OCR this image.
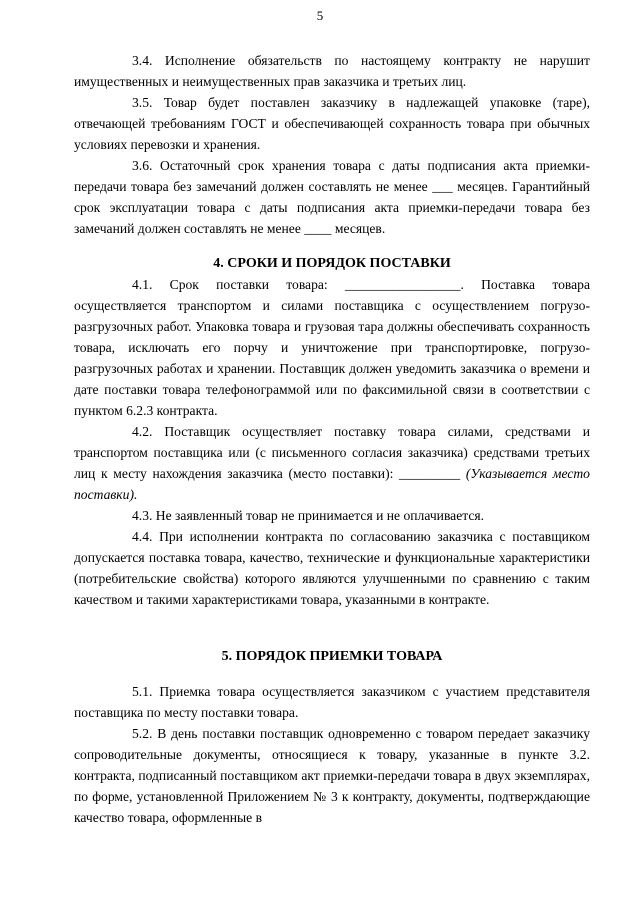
5

3.4. Исполнение обязательств по настоящему контракту не нарушит имущественных и неимущественных прав заказчика и третьих лиц.

3.5. Товар будет поставлен заказчику в надлежащей упаковке (таре), отвечающей требованиям ГОСТ и обеспечивающей сохранность товара при обычных условиях перевозки и хранения.

3.6. Остаточный срок хранения товара с даты подписания акта приемки-передачи товара без замечаний должен составлять не менее ___ месяцев. Гарантийный срок эксплуатации товара с даты подписания акта приемки-передачи товара без замечаний должен составлять не менее ____ месяцев.

4. СРОКИ И ПОРЯДОК ПОСТАВКИ

4.1. Срок поставки товара: _________________. Поставка товара осуществляется транспортом и силами поставщика с осуществлением погрузо-разгрузочных работ. Упаковка товара и грузовая тара должны обеспечивать сохранность товара, исключать его порчу и уничтожение при транспортировке, погрузо-разгрузочных работах и хранении. Поставщик должен уведомить заказчика о времени и дате поставки товара телефонограммой или по факсимильной связи в соответствии с пунктом 6.2.3 контракта.

4.2. Поставщик осуществляет поставку товара силами, средствами и транспортом поставщика или (с письменного согласия заказчика) средствами третьих лиц к месту нахождения заказчика (место поставки): _________ (Указывается место поставки).

4.3. Не заявленный товар не принимается и не оплачивается.

4.4. При исполнении контракта по согласованию заказчика с поставщиком допускается поставка товара, качество, технические и функциональные характеристики (потребительские свойства) которого являются улучшенными по сравнению с таким качеством и такими характеристиками товара, указанными в контракте.

5. ПОРЯДОК ПРИЕМКИ ТОВАРА

5.1. Приемка товара осуществляется заказчиком с участием представителя поставщика по месту поставки товара.

5.2. В день поставки поставщик одновременно с товаром передает заказчику сопроводительные документы, относящиеся к товару, указанные в пункте 3.2. контракта, подписанный поставщиком акт приемки-передачи товара в двух экземплярах, по форме, установленной Приложением № 3 к контракту, документы, подтверждающие качество товара, оформленные в
